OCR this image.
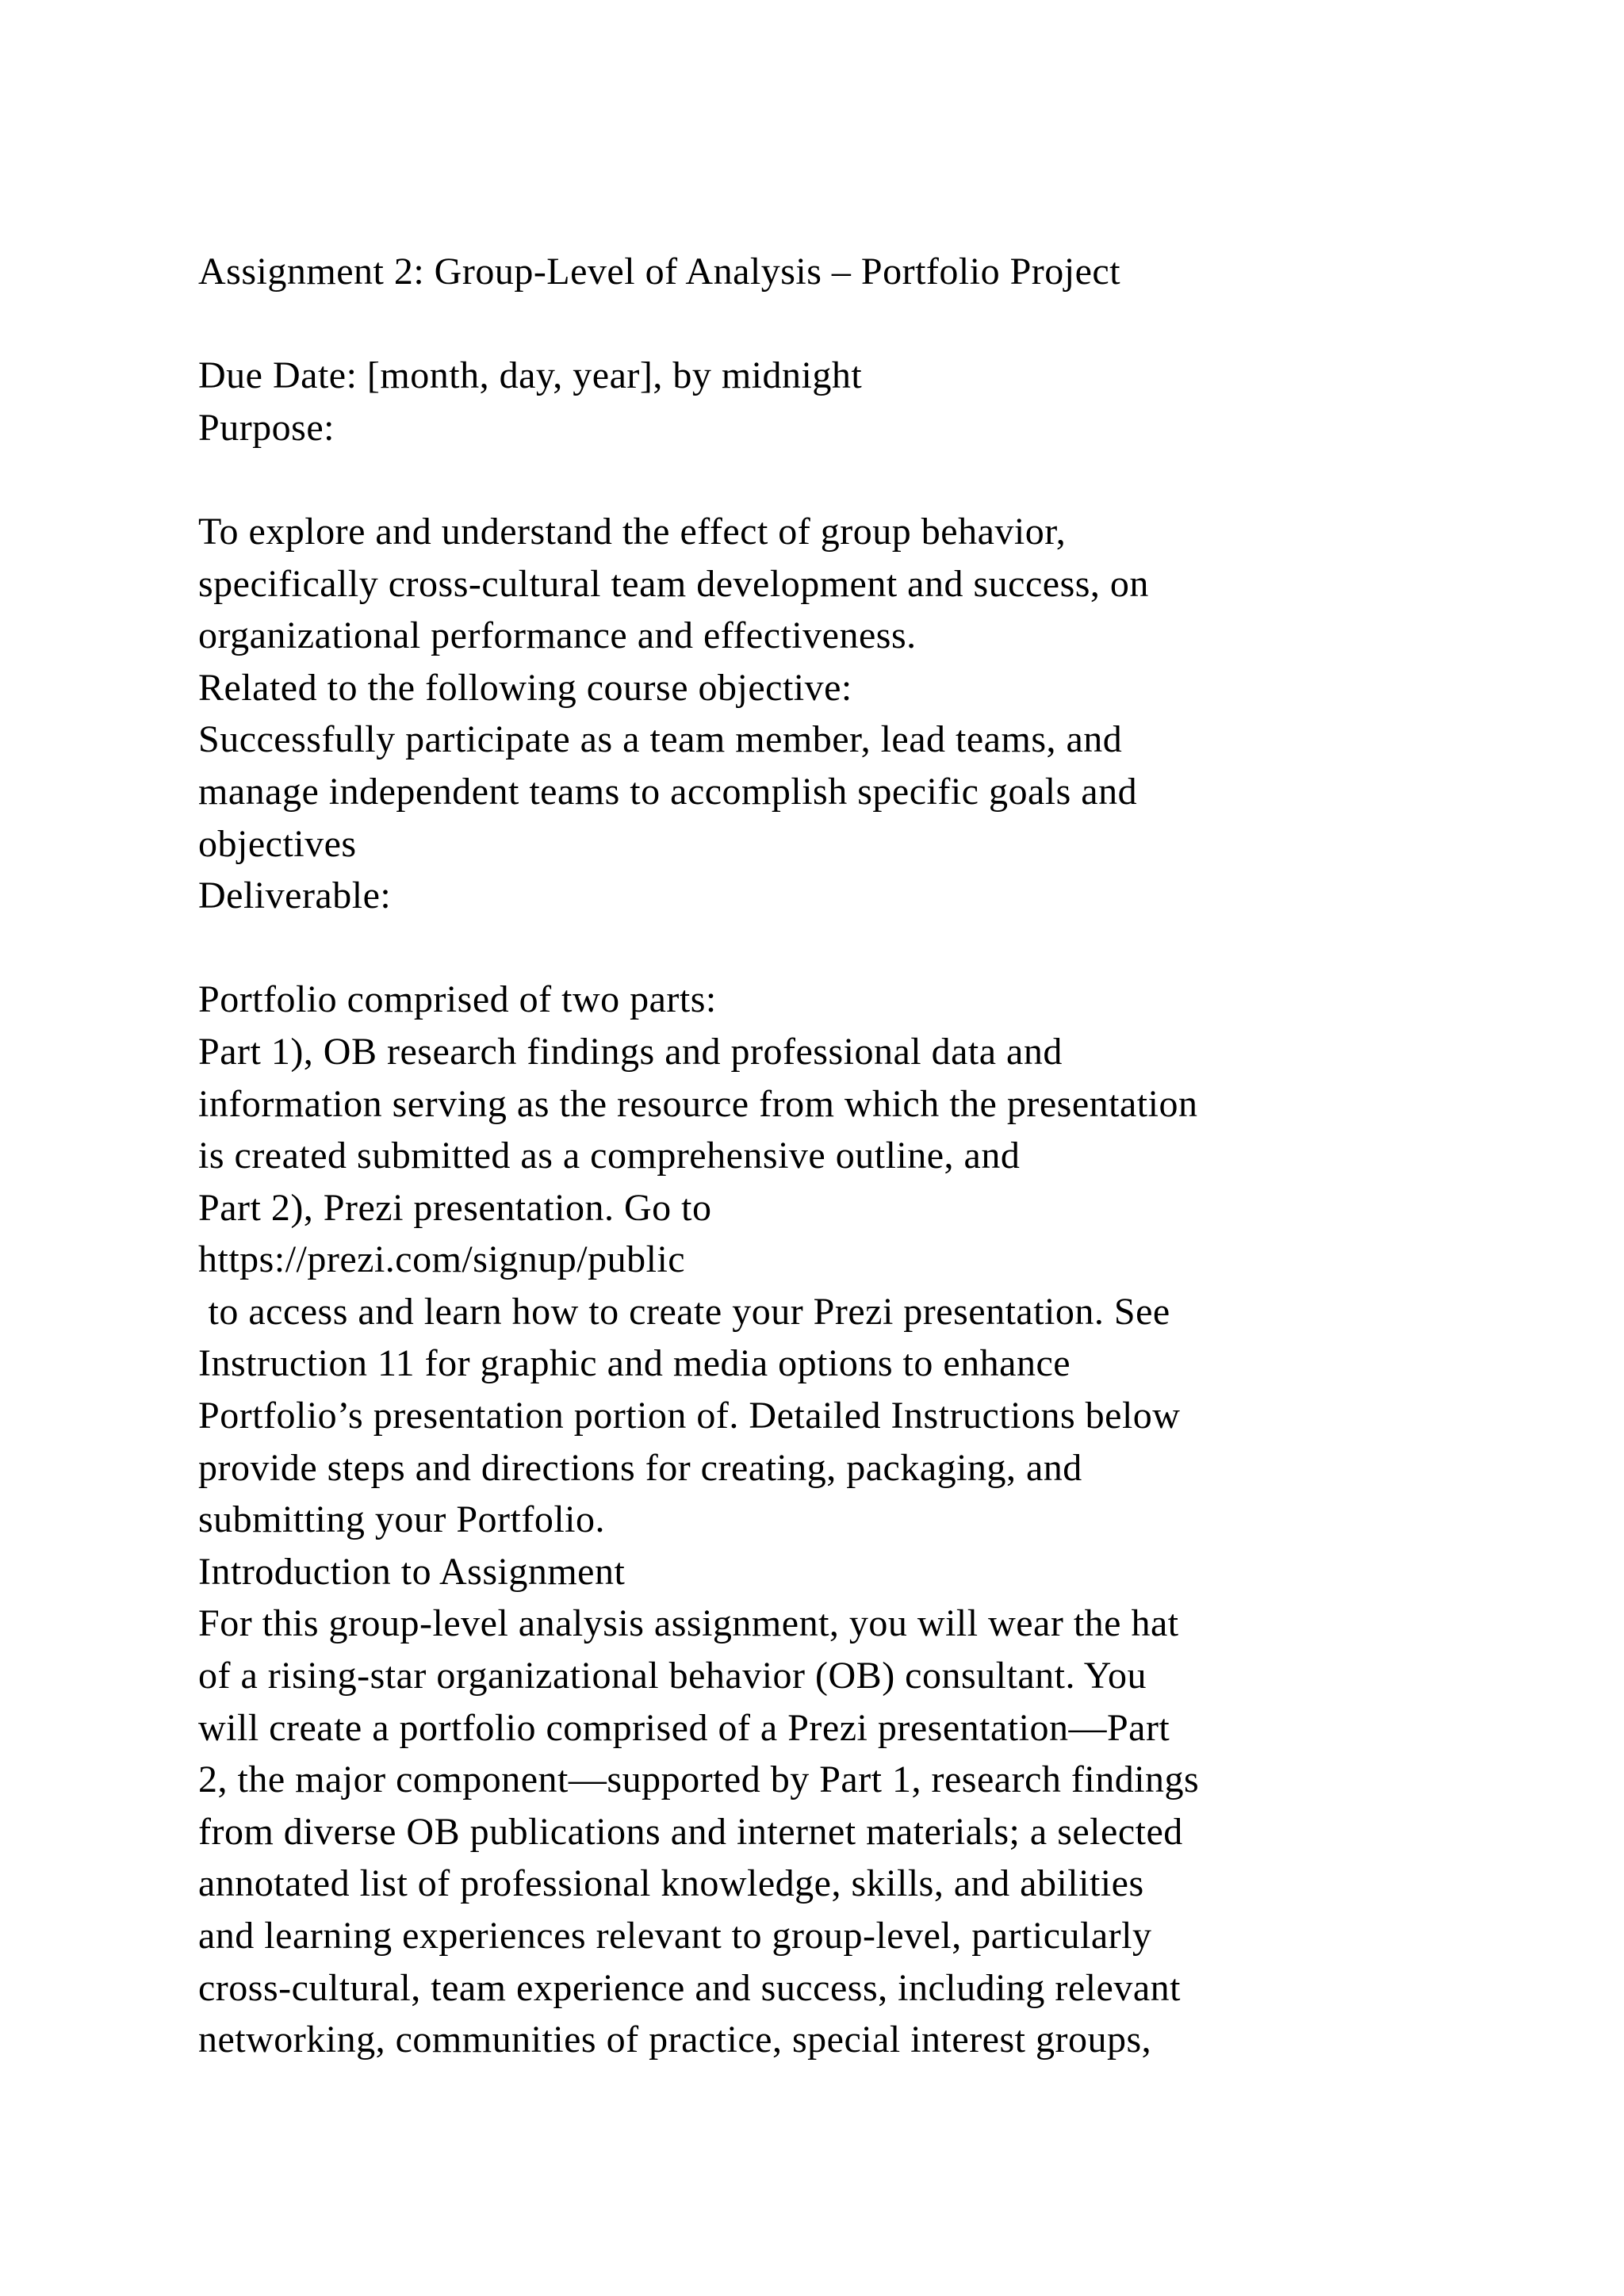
Assignment 2: Group-Level of Analysis – Portfolio Project
Due Date: [month, day, year], by midnight
Purpose:
To explore and understand the effect of group behavior,
specifically cross-cultural team development and success, on
organizational performance and effectiveness.
Related to the following course objective:
Successfully participate as a team member, lead teams, and
manage independent teams to accomplish specific goals and
objectives
Deliverable:
Portfolio comprised of two parts:
Part 1), OB research findings and professional data and
information serving as the resource from which the presentation
is created submitted as a comprehensive outline, and
Part 2), Prezi presentation. Go to
https://prezi.com/signup/public
to access and learn how to create your Prezi presentation. See
Instruction 11 for graphic and media options to enhance
Portfolio’s presentation portion of. Detailed Instructions below
provide steps and directions for creating, packaging, and
submitting your Portfolio.
Introduction to Assignment
For this group-level analysis assignment, you will wear the hat
of a rising-star organizational behavior (OB) consultant. You
will create a portfolio comprised of a Prezi presentation—Part
2, the major component—supported by Part 1, research findings
from diverse OB publications and internet materials; a selected
annotated list of professional knowledge, skills, and abilities
and learning experiences relevant to group-level, particularly
cross-cultural, team experience and success, including relevant
networking, communities of practice, special interest groups,
